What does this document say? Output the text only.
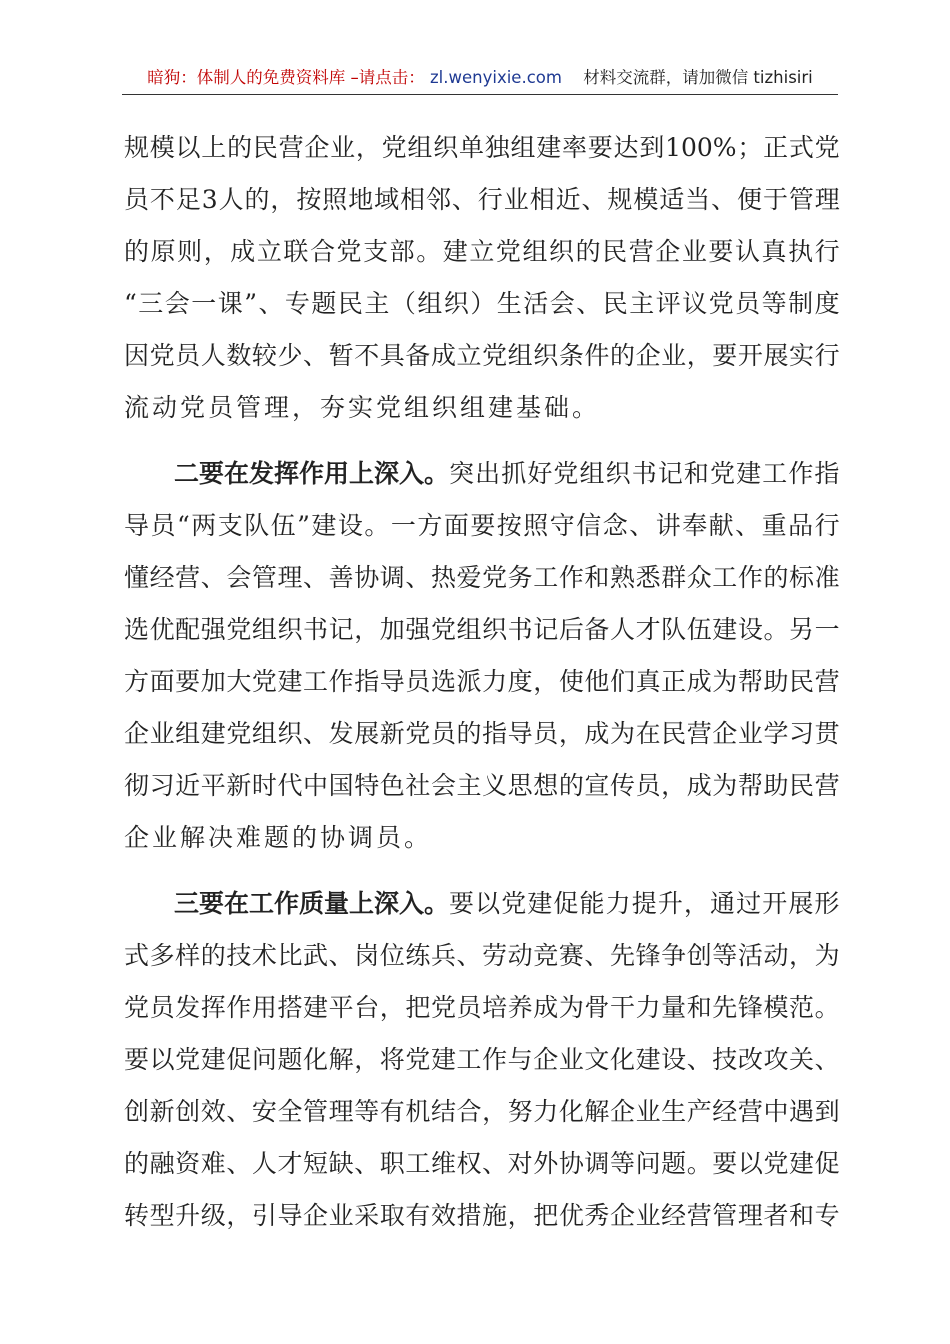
暗狗：体制人的免费资料库 –请点击： zl.wenyixie.com 材料交流群，请加微信 tizhisiri
规 模 以 上 的 民 营 企 业 ， 党 组 织 单 独 组 建 率 要 达 到 100% ； 正 式 党
员 不 足 3 人 的 ， 按 照 地 域 相 邻 、 行 业 相 近 、 规 模 适 当 、 便 于 管 理
的 原 则 ， 成 立 联 合 党 支 部 。 建 立 党 组 织 的 民 营 企 业 要 认 真 执 行
“ 三 会 一 课 ” 、 专 题 民 主 （ 组 织 ） 生 活 会 、 民 主 评 议 党 员 等 制 度
因 党 员 人 数 较 少 、 暂 不 具 备 成 立 党 组 织 条 件 的 企 业 ， 要 开 展 实 行
流动党员管理，夯实党组织组建基础。
二要在发挥作用上深入。 突出抓好党组织书记和党建工作指
导 员 “ 两 支 队 伍 ” 建 设 。 一 方 面 要 按 照 守 信 念 、 讲 奉 献 、 重 品 行
懂 经 营 、 会 管 理 、 善 协 调 、 热 爱 党 务 工 作 和 熟 悉 群 众 工 作 的 标 准
选 优 配 强 党 组 织 书 记 ， 加 强 党 组 织 书 记 后 备 人 才 队 伍 建 设 。 另 一
方 面 要 加 大 党 建 工 作 指 导 员 选 派 力 度 ， 使 他 们 真 正 成 为 帮 助 民 营
企 业 组 建 党 组 织 、 发 展 新 党 员 的 指 导 员 ， 成 为 在 民 营 企 业 学 习 贯
彻 习 近 平 新 时 代 中 国 特 色 社 会 主 义 思 想 的 宣 传 员 ， 成 为 帮 助 民 营
企业解决难题的协调员。
三要在工作质量上深入。 要以党建促能力提升，通过开展形
式 多 样 的 技 术 比 武 、 岗 位 练 兵 、 劳 动 竞 赛 、 先 锋 争 创 等 活 动 ， 为
党 员 发 挥 作 用 搭 建 平 台 ， 把 党 员 培 养 成 为 骨 干 力 量 和 先 锋 模 范 。
要 以 党 建 促 问 题 化 解 ， 将 党 建 工 作 与 企 业 文 化 建 设 、 技 改 攻 关 、
创 新 创 效 、 安 全 管 理 等 有 机 结 合 ， 努 力 化 解 企 业 生 产 经 营 中 遇 到
的 融 资 难 、 人 才 短 缺 、 职 工 维 权 、 对 外 协 调 等 问 题 。 要 以 党 建 促
转 型 升 级 ， 引 导 企 业 采 取 有 效 措 施 ， 把 优 秀 企 业 经 营 管 理 者 和 专
